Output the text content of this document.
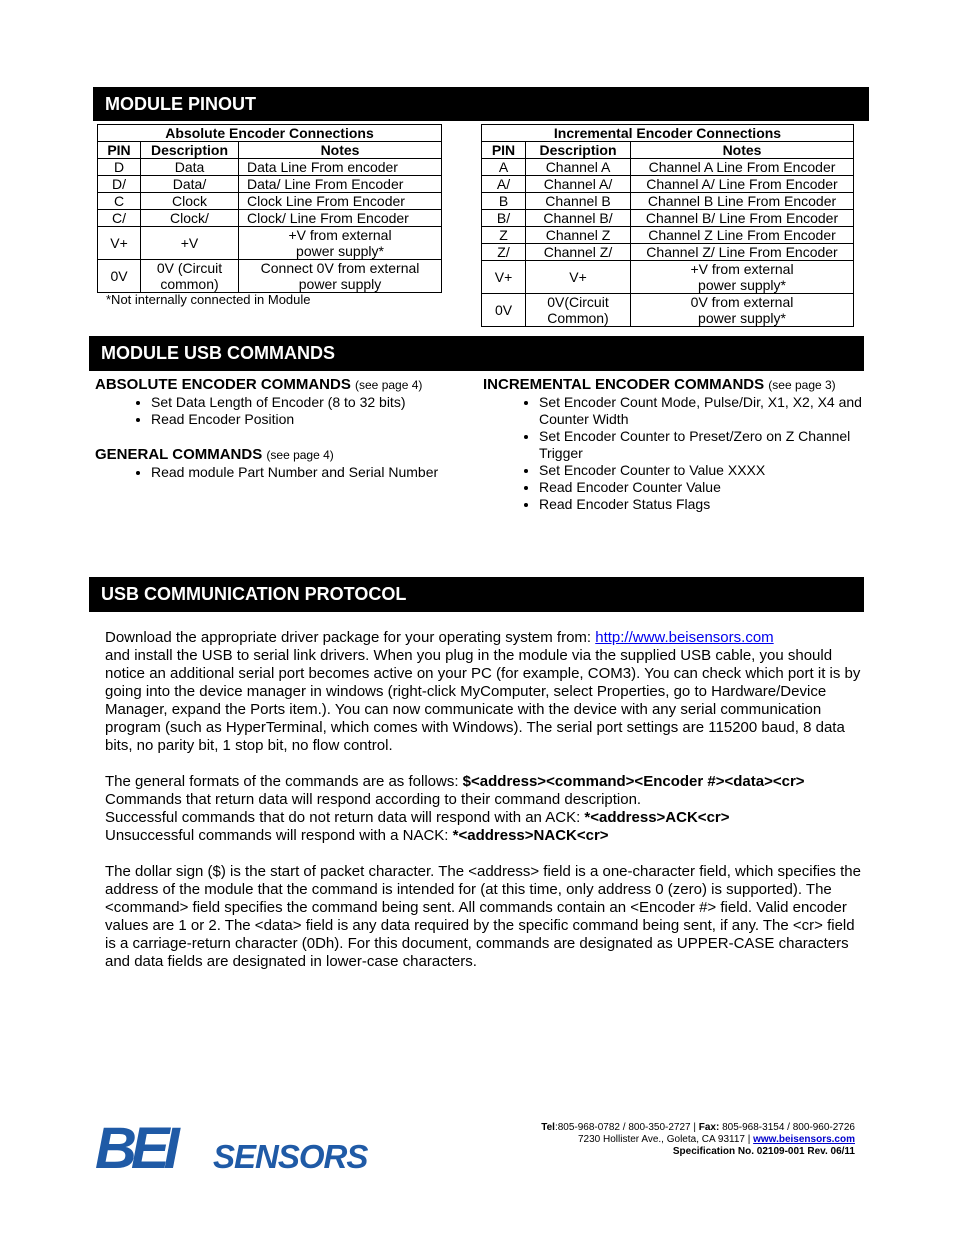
MODULE PINOUT
MODULE USB COMMANDS
USB COMMUNICATION PROTOCOL
Absolute Encoder Connections		
PIN	Description	Notes
D	Data	Data Line From encoder
D/	Data/	Data/ Line From Encoder
C	Clock	Clock Line From Encoder
C/	Clock/	Clock/ Line From Encoder
V+	+V	+V from external power supply*
0V	0V (Circuit common)	Connect 0V from external power supply
*Not internally connected in Module
Incremental Encoder Connections		
PIN	Description	Notes
A	Channel A	Channel A Line From Encoder
A/	Channel A/	Channel A/ Line From Encoder
B	Channel B	Channel B Line From Encoder
B/	Channel B/	Channel B/ Line From Encoder
Z	Channel Z	Channel Z Line From Encoder
Z/	Channel Z/	Channel Z/ Line From Encoder
V+	V+	+V from external power supply*
0V	0V(Circuit Common)	0V from external power supply*
ABSOLUTE ENCODER COMMANDS (see page 4)
• Set Data Length of Encoder (8 to 32 bits)
• Read Encoder Position
GENERAL COMMANDS (see page 4)
• Read module Part Number and Serial Number
INCREMENTAL ENCODER COMMANDS (see page 3)
• Set Encoder Count Mode, Pulse/Dir, X1, X2, X4 and Counter Width
• Set Encoder Counter to Preset/Zero on Z Channel Trigger
• Set Encoder Counter to Value XXXX
• Read Encoder Counter Value
• Read Encoder Status Flags

Download the appropriate driver package for your operating system from: http://www.beisensors.com
and install the USB to serial link drivers. When you plug in the module via the supplied USB cable, you should notice an additional serial port becomes active on your PC (for example, COM3). You can check which port it is by going into the device manager in windows (right-click MyComputer, select Properties, go to Hardware/Device Manager, expand the Ports item.). You can now communicate with the device with any serial communication program (such as HyperTerminal, which comes with Windows). The serial port settings are 115200 baud, 8 data bits, no parity bit, 1 stop bit, no flow control.

The general formats of the commands are as follows: $<address><command><Encoder #><data><cr>
Commands that return data will respond according to their command description.
Successful commands that do not return data will respond with an ACK: *<address>ACK<cr>
Unsuccessful commands will respond with a NACK: *<address>NACK<cr>

The dollar sign ($) is the start of packet character. The <address> field is a one-character field, which specifies the address of the module that the command is intended for (at this time, only address 0 (zero) is supported). The <command> field specifies the command being sent. All commands contain an <Encoder #> field. Valid encoder values are 1 or 2. The <data> field is any data required by the specific command being sent, if any. The <cr> field is a carriage-return character (0Dh). For this document, commands are designated as UPPER-CASE characters and data fields are designated in lower-case characters.

BEI SENSORS
Tel:805-968-0782 / 800-350-2727 | Fax: 805-968-3154 / 800-960-2726
7230 Hollister Ave., Goleta, CA 93117 | www.beisensors.com
Specification No. 02109-001 Rev. 06/11
